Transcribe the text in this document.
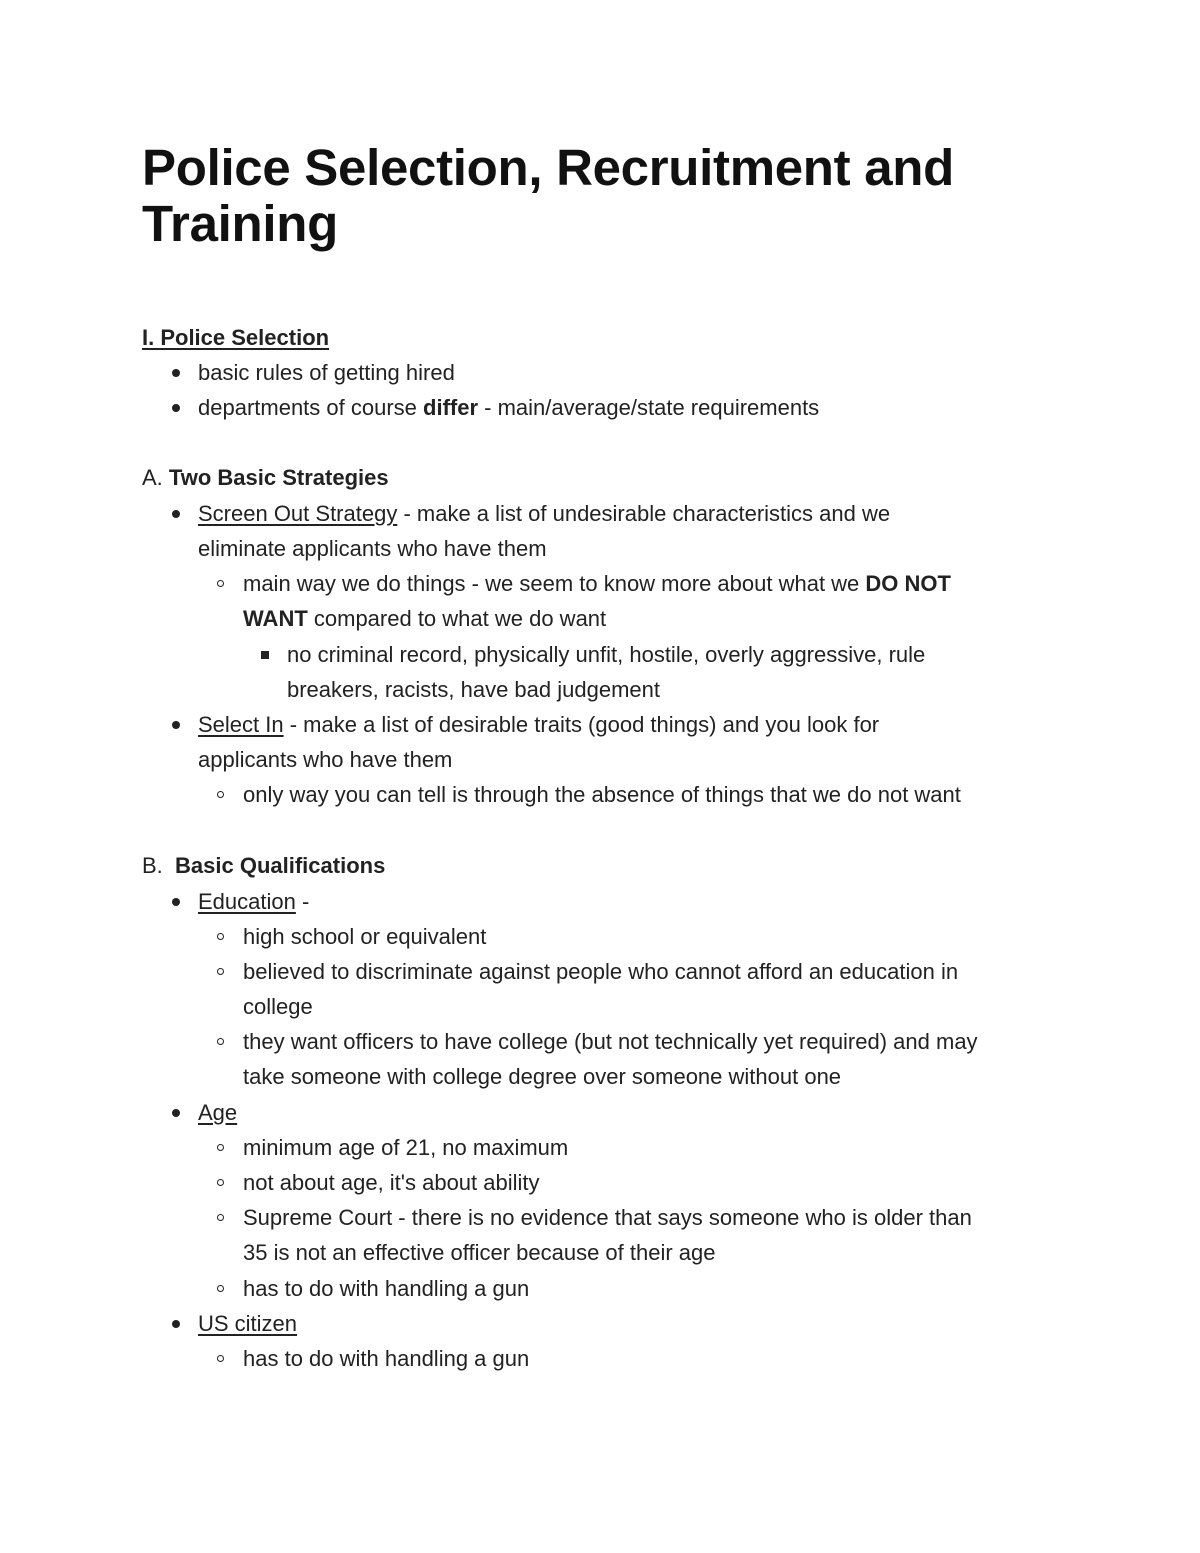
Police Selection, Recruitment and Training

I. Police Selection

basic rules of getting hired

departments of course differ - main/average/state requirements

A. Two Basic Strategies

Screen Out Strategy - make a list of undesirable characteristics and we

eliminate applicants who have them

main way we do things - we seem to know more about what we DO NOT

WANT compared to what we do want

no criminal record, physically unfit, hostile, overly aggressive, rule

breakers, racists, have bad judgement

Select In - make a list of desirable traits (good things) and you look for

applicants who have them

only way you can tell is through the absence of things that we do not want

B. Basic Qualifications

Education -

high school or equivalent

believed to discriminate against people who cannot afford an education in

college

they want officers to have college (but not technically yet required) and may

take someone with college degree over someone without one

Age

minimum age of 21, no maximum

not about age, it's about ability

Supreme Court - there is no evidence that says someone who is older than

35 is not an effective officer because of their age

has to do with handling a gun

US citizen

has to do with handling a gun
